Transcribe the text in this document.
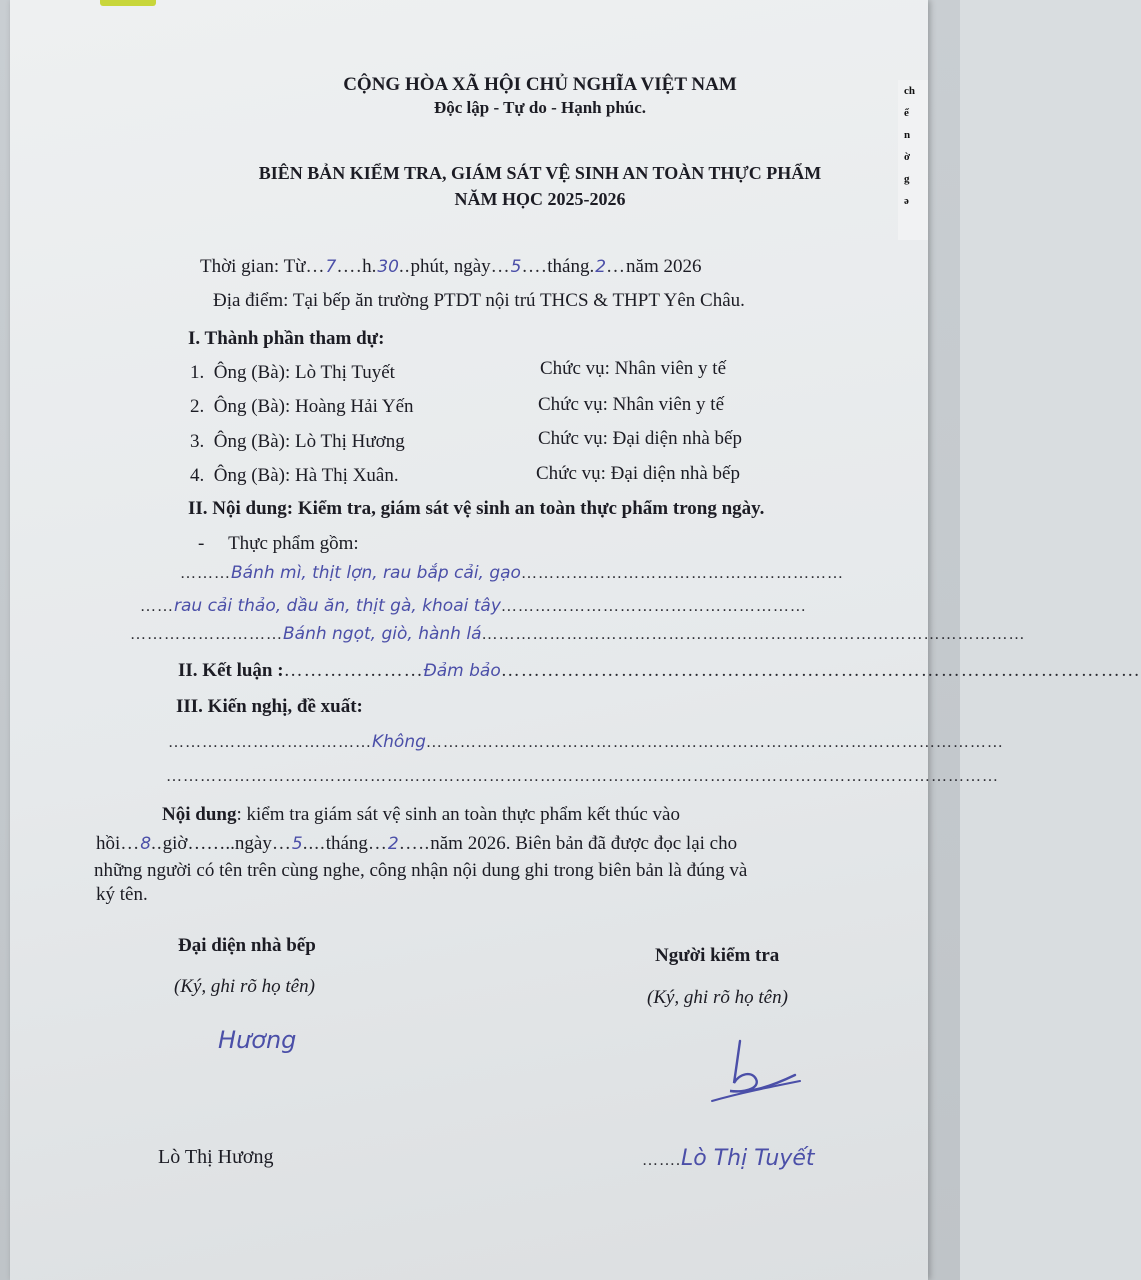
ch
ể
n
ờ
g
ə
CỘNG HÒA XÃ HỘI CHỦ NGHĨA VIỆT NAM
Độc lập - Tự do - Hạnh phúc.
BIÊN BẢN KIỂM TRA, GIÁM SÁT VỆ SINH AN TOÀN THỰC PHẨM
NĂM HỌC 2025-2026
Thời gian: Từ…7….h.30..phút, ngày…5….tháng.2…năm 2026
Địa điểm: Tại bếp ăn trường PTDT nội trú THCS & THPT Yên Châu.
I. Thành phần tham dự:
1. Ông (Bà): Lò Thị Tuyết	Chức vụ: Nhân viên y tế
2. Ông (Bà): Hoàng Hải Yến	Chức vụ: Nhân viên y tế
3. Ông (Bà): Lò Thị Hương	Chức vụ: Đại diện nhà bếp
4. Ông (Bà): Hà Thị Xuân.	Chức vụ: Đại diện nhà bếp
II. Nội dung: Kiểm tra, giám sát vệ sinh an toàn thực phẩm trong ngày.
- Thực phẩm gồm:
………Bánh mì, thịt lợn, rau bắp cải, gạo…………………………………………………
……rau cải thảo, dầu ăn, thịt gà, khoai tây………………………………………………
………………………Bánh ngọt, giò, hành lá……………………………………………………………………………………
II. Kết luận :…………………Đảm bảo……………………………………………………………………………………
III. Kiến nghị, đề xuất:
………………………………Không…………………………………………………………………………………………
…………………………………………………………………………………………………………………………………
Nội dung: kiểm tra giám sát vệ sinh an toàn thực phẩm kết thúc vào
hồi…8..giờ……..ngày…5....tháng…2…..năm 2026. Biên bản đã được đọc lại cho
những người có tên trên cùng nghe, công nhận nội dung ghi trong biên bản là đúng và
ký tên.
Đại diện nhà bếp
(Ký, ghi rõ họ tên)
Hương
Lò Thị Hương
Người kiểm tra
(Ký, ghi rõ họ tên)
…….Lò Thị Tuyết
